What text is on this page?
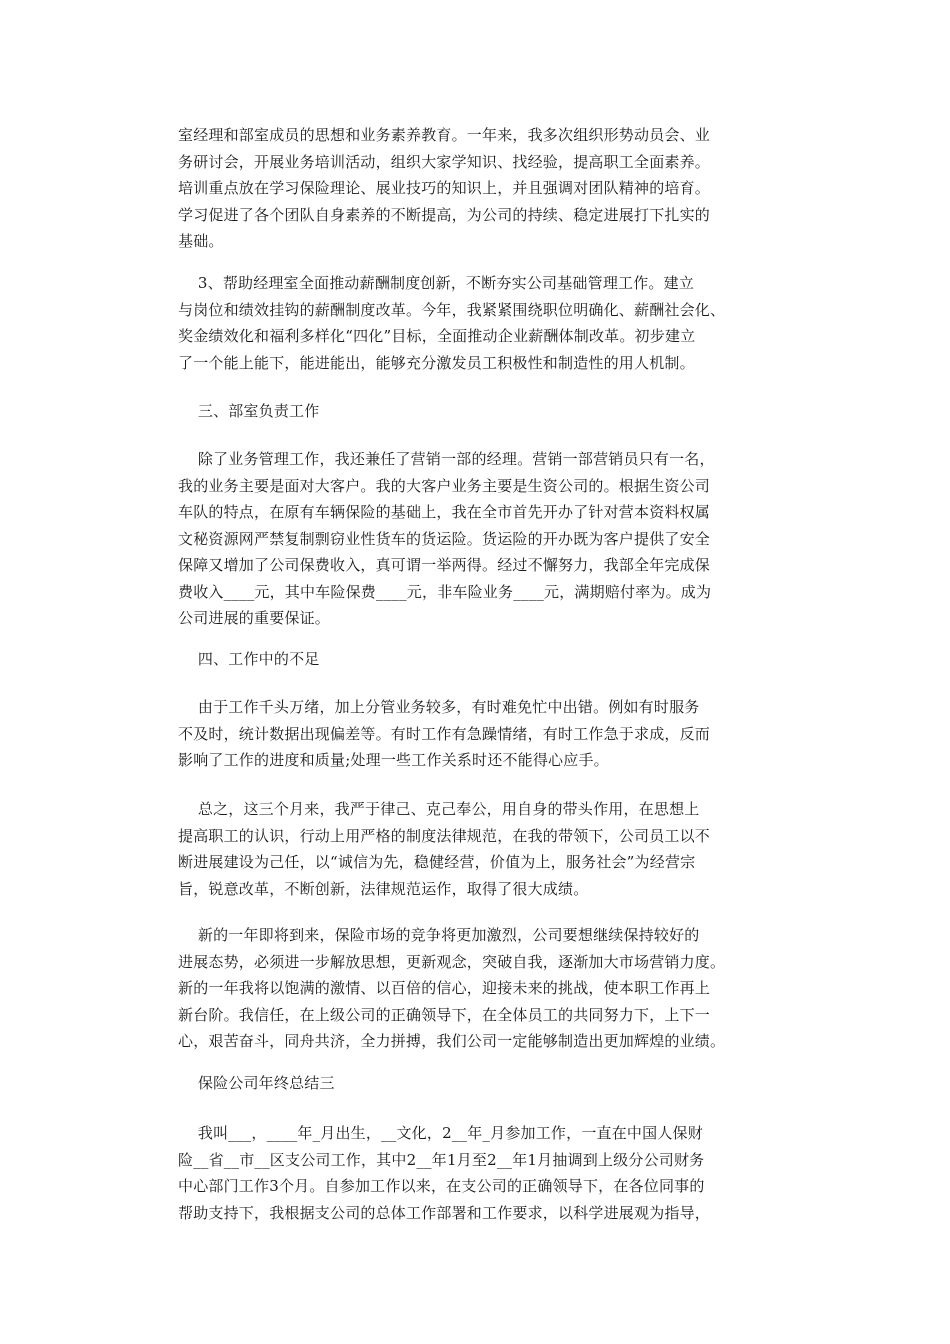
室经理和部室成员的思想和业务素养教育。一年来，我多次组织形势动员会、业
务研讨会，开展业务培训活动，组织大家学知识、找经验，提高职工全面素养。
培训重点放在学习保险理论、展业技巧的知识上，并且强调对团队精神的培育。
学习促进了各个团队自身素养的不断提高，为公司的持续、稳定进展打下扎实的
基础。
3、帮助经理室全面推动薪酬制度创新，不断夯实公司基础管理工作。建立
与岗位和绩效挂钩的薪酬制度改革。今年，我紧紧围绕职位明确化、薪酬社会化、
奖金绩效化和福利多样化“四化”目标，全面推动企业薪酬体制改革。初步建立
了一个能上能下，能进能出，能够充分激发员工积极性和制造性的用人机制。
三、部室负责工作
除了业务管理工作，我还兼任了营销一部的经理。营销一部营销员只有一名，
我的业务主要是面对大客户。我的大客户业务主要是生资公司的。根据生资公司
车队的特点，在原有车辆保险的基础上，我在全市首先开办了针对营本资料权属
文秘资源网严禁复制剽窃业性货车的货运险。货运险的开办既为客户提供了安全
保障又增加了公司保费收入，真可谓一举两得。经过不懈努力，我部全年完成保
费收入____元，其中车险保费____元，非车险业务____元，满期赔付率为。成为
公司进展的重要保证。
四、工作中的不足
由于工作千头万绪，加上分管业务较多，有时难免忙中出错。例如有时服务
不及时，统计数据出现偏差等。有时工作有急躁情绪，有时工作急于求成，反而
影响了工作的进度和质量;处理一些工作关系时还不能得心应手。
总之，这三个月来，我严于律己、克己奉公，用自身的带头作用，在思想上
提高职工的认识，行动上用严格的制度法律规范，在我的带领下，公司员工以不
断进展建设为己任，以“诚信为先，稳健经营，价值为上，服务社会”为经营宗
旨，锐意改革，不断创新，法律规范运作，取得了很大成绩。
新的一年即将到来，保险市场的竞争将更加激烈，公司要想继续保持较好的
进展态势，必须进一步解放思想，更新观念，突破自我，逐渐加大市场营销力度。
新的一年我将以饱满的激情、以百倍的信心，迎接未来的挑战，使本职工作再上
新台阶。我信任，在上级公司的正确领导下，在全体员工的共同努力下，上下一
心，艰苦奋斗，同舟共济，全力拼搏，我们公司一定能够制造出更加辉煌的业绩。
保险公司年终总结三
我叫___，____年_月出生，__文化，2__年_月参加工作，一直在中国人保财
险__省__市__区支公司工作，其中2__年1月至2__年1月抽调到上级分公司财务
中心部门工作3个月。自参加工作以来，在支公司的正确领导下，在各位同事的
帮助支持下，我根据支公司的总体工作部署和工作要求，以科学进展观为指导，
